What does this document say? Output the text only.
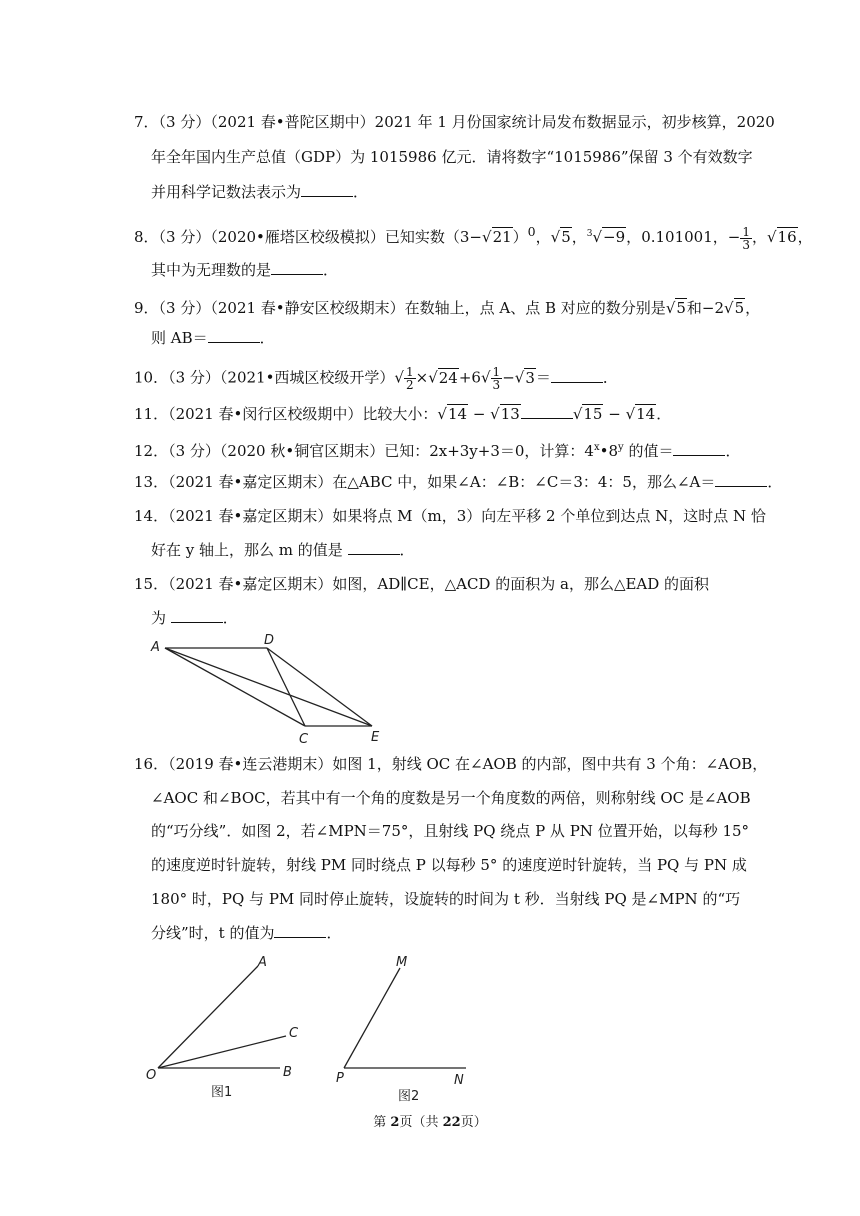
7．（3 分）（2021 春•普陀区期中）2021 年 1 月份国家统计局发布数据显示，初步核算，2020
年全年国内生产总值（GDP）为 1015986 亿元．请将数字“1015986”保留 3 个有效数字
并用科学记数法表示为	．
8．（3 分）（2020•雁塔区校级模拟）已知实数$(3-√21)^0$，√5，$^3$√−9，0.101001，− $\frac{1}{3}$ ，√16，
其中为无理数的是	．
9．（3 分）（2021 春•静安区校级期末）在数轴上，点 A、点 B 对应的数分别是√5和−2√5，
则 AB＝	．
10．（3 分）（2021•西城区校级开学）√ $\frac{1}{2} \times√24+6√ \frac{1}{3} -√3=$	．
11．（2021 春•闵行区校级期中）比较大小：√14 − √13	√15 − √14．
12．（3 分）（2020 秋•铜官区期末）已知：2x+3y+3＝0，计算：4$^x$•8$^y$ 的值＝	．
13．（2021 春•嘉定区期末）在△ABC 中，如果∠A：∠B：∠C＝3：4：5，那么∠A＝	．
14．（2021 春•嘉定区期末）如果将点 M（m，3）向左平移 2 个单位到达点 N，这时点 N 恰
好在 y 轴上，那么 m 的值是	．
15．（2021 春•嘉定区期末）如图，AD∥CE，△ACD 的面积为 a，那么△EAD 的面积
为	．
A	D
C	E
16．（2019 春•连云港期末）如图 1，射线 OC 在∠AOB 的内部，图中共有 3 个角：∠AOB，
∠AOC 和∠BOC，若其中有一个角的度数是另一个角度数的两倍，则称射线 OC 是∠AOB
的“巧分线”．如图 2，若∠MPN＝75°，且射线 PQ 绕点 P 从 PN 位置开始，以每秒 15°
的速度逆时针旋转，射线 PM 同时绕点 P 以每秒 5° 的速度逆时针旋转，当 PQ 与 PN 成
180° 时，PQ 与 PM 同时停止旋转，设旋转的时间为 t 秒．当射线 PQ 是∠MPN 的“巧
分线”时，t 的值为	．
A
C
O	B
图1
M
P	N
图2
第 2页（共 22页）
